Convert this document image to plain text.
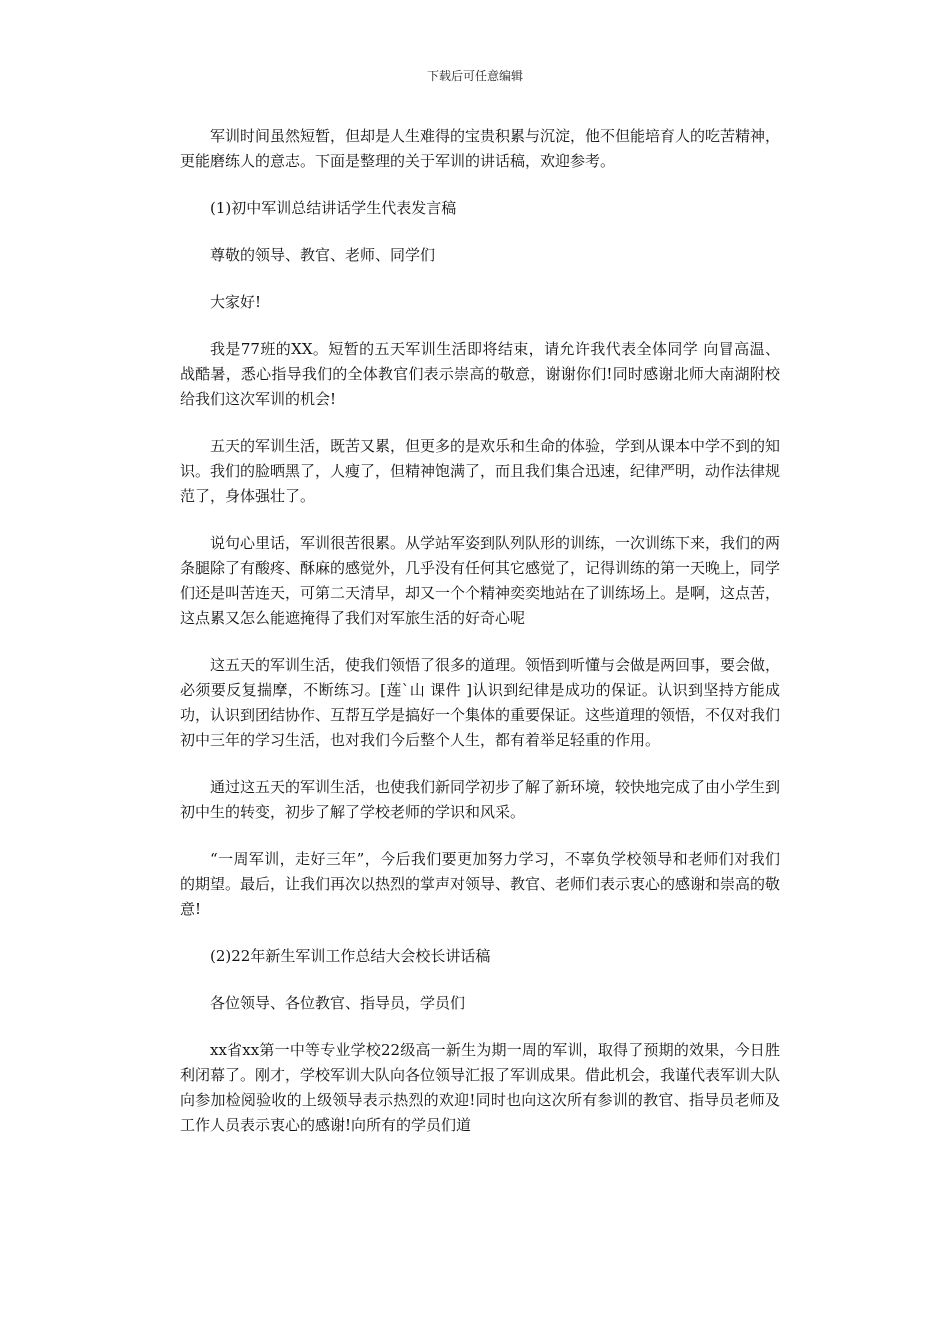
下载后可任意编辑

军训时间虽然短暂，但却是人生难得的宝贵积累与沉淀，他不但能培育人的吃苦精神，更能磨练人的意志。下面是整理的关于军训的讲话稿，欢迎参考。

(1)初中军训总结讲话学生代表发言稿

尊敬的领导、教官、老师、同学们

大家好!

我是77班的XX。短暂的五天军训生活即将结束，请允许我代表全体同学 向冒高温、战酷暑，悉心指导我们的全体教官们表示崇高的敬意，谢谢你们!同时感谢北师大南湖附校给我们这次军训的机会!

五天的军训生活，既苦又累，但更多的是欢乐和生命的体验，学到从课本中学不到的知识。我们的脸晒黑了，人瘦了，但精神饱满了，而且我们集合迅速，纪律严明，动作法律规范了，身体强壮了。

说句心里话，军训很苦很累。从学站军姿到队列队形的训练，一次训练下来，我们的两条腿除了有酸疼、酥麻的感觉外，几乎没有任何其它感觉了，记得训练的第一天晚上，同学们还是叫苦连天，可第二天清早，却又一个个精神奕奕地站在了训练场上。是啊，这点苦，这点累又怎么能遮掩得了我们对军旅生活的好奇心呢

这五天的军训生活，使我们领悟了很多的道理。领悟到听懂与会做是两回事，要会做，必须要反复揣摩，不断练习。[莲`山 课件 ]认识到纪律是成功的保证。认识到坚持方能成功，认识到团结协作、互帮互学是搞好一个集体的重要保证。这些道理的领悟，不仅对我们初中三年的学习生活，也对我们今后整个人生，都有着举足轻重的作用。

通过这五天的军训生活，也使我们新同学初步了解了新环境，较快地完成了由小学生到初中生的转变，初步了解了学校老师的学识和风采。

“一周军训，走好三年”，今后我们要更加努力学习，不辜负学校领导和老师们对我们的期望。最后，让我们再次以热烈的掌声对领导、教官、老师们表示衷心的感谢和崇高的敬意!

(2)22年新生军训工作总结大会校长讲话稿

各位领导、各位教官、指导员，学员们

xx省xx第一中等专业学校22级高一新生为期一周的军训，取得了预期的效果，今日胜利闭幕了。刚才，学校军训大队向各位领导汇报了军训成果。借此机会，我谨代表军训大队向参加检阅验收的上级领导表示热烈的欢迎!同时也向这次所有参训的教官、指导员老师及工作人员表示衷心的感谢!向所有的学员们道
